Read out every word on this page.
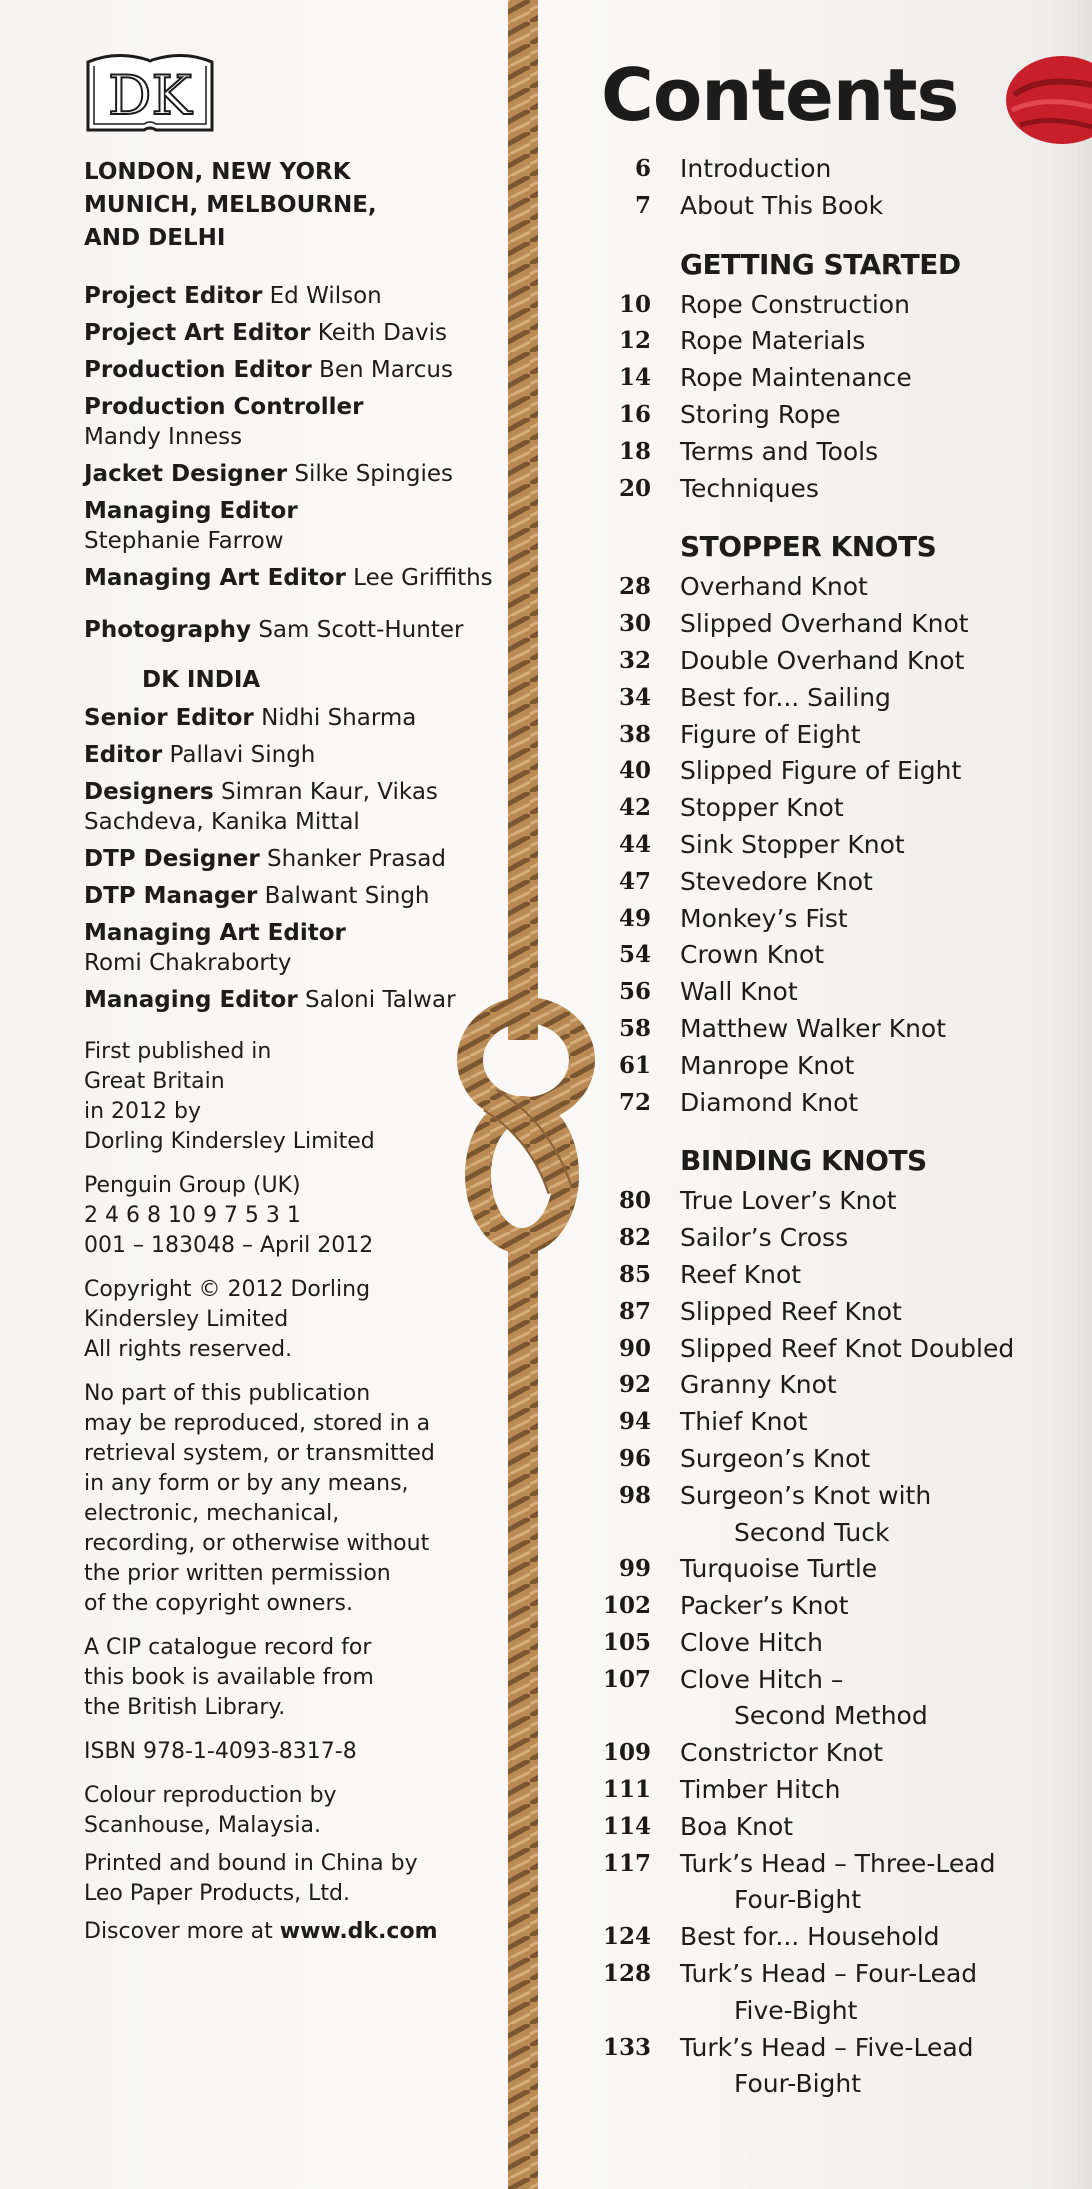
DK
LONDON, NEW YORK
MUNICH, MELBOURNE,
AND DELHI
Project Editor Ed Wilson
Project Art Editor Keith Davis
Production Editor Ben Marcus
Production Controller
Mandy Inness
Jacket Designer Silke Spingies
Managing Editor
Stephanie Farrow
Managing Art Editor Lee Griffiths
Photography Sam Scott-Hunter
DK INDIA
Senior Editor Nidhi Sharma
Editor Pallavi Singh
Designers Simran Kaur, Vikas Sachdeva, Kanika Mittal
DTP Designer Shanker Prasad
DTP Manager Balwant Singh
Managing Art Editor
Romi Chakraborty
Managing Editor Saloni Talwar

First published in
Great Britain
in 2012 by
Dorling Kindersley Limited

Penguin Group (UK)
2 4 6 8 10 9 7 5 3 1
001 – 183048 – April 2012

Copyright © 2012 Dorling
Kindersley Limited
All rights reserved.

No part of this publication
may be reproduced, stored in a
retrieval system, or transmitted
in any form or by any means,
electronic, mechanical,
recording, or otherwise without
the prior written permission
of the copyright owners.

A CIP catalogue record for
this book is available from
the British Library.

ISBN 978-1-4093-8317-8

Colour reproduction by
Scanhouse, Malaysia.

Printed and bound in China by
Leo Paper Products, Ltd.

Discover more at www.dk.com

Contents
6 Introduction
7 About This Book
GETTING STARTED
10 Rope Construction
12 Rope Materials
14 Rope Maintenance
16 Storing Rope
18 Terms and Tools
20 Techniques
STOPPER KNOTS
28 Overhand Knot
30 Slipped Overhand Knot
32 Double Overhand Knot
34 Best for... Sailing
38 Figure of Eight
40 Slipped Figure of Eight
42 Stopper Knot
44 Sink Stopper Knot
47 Stevedore Knot
49 Monkey’s Fist
54 Crown Knot
56 Wall Knot
58 Matthew Walker Knot
61 Manrope Knot
72 Diamond Knot
BINDING KNOTS
80 True Lover’s Knot
82 Sailor’s Cross
85 Reef Knot
87 Slipped Reef Knot
90 Slipped Reef Knot Doubled
92 Granny Knot
94 Thief Knot
96 Surgeon’s Knot
98 Surgeon’s Knot with
Second Tuck
99 Turquoise Turtle
102 Packer’s Knot
105 Clove Hitch
107 Clove Hitch –
Second Method
109 Constrictor Knot
111 Timber Hitch
114 Boa Knot
117 Turk’s Head – Three-Lead
Four-Bight
124 Best for... Household
128 Turk’s Head – Four-Lead
Five-Bight
133 Turk’s Head – Five-Lead
Four-Bight
